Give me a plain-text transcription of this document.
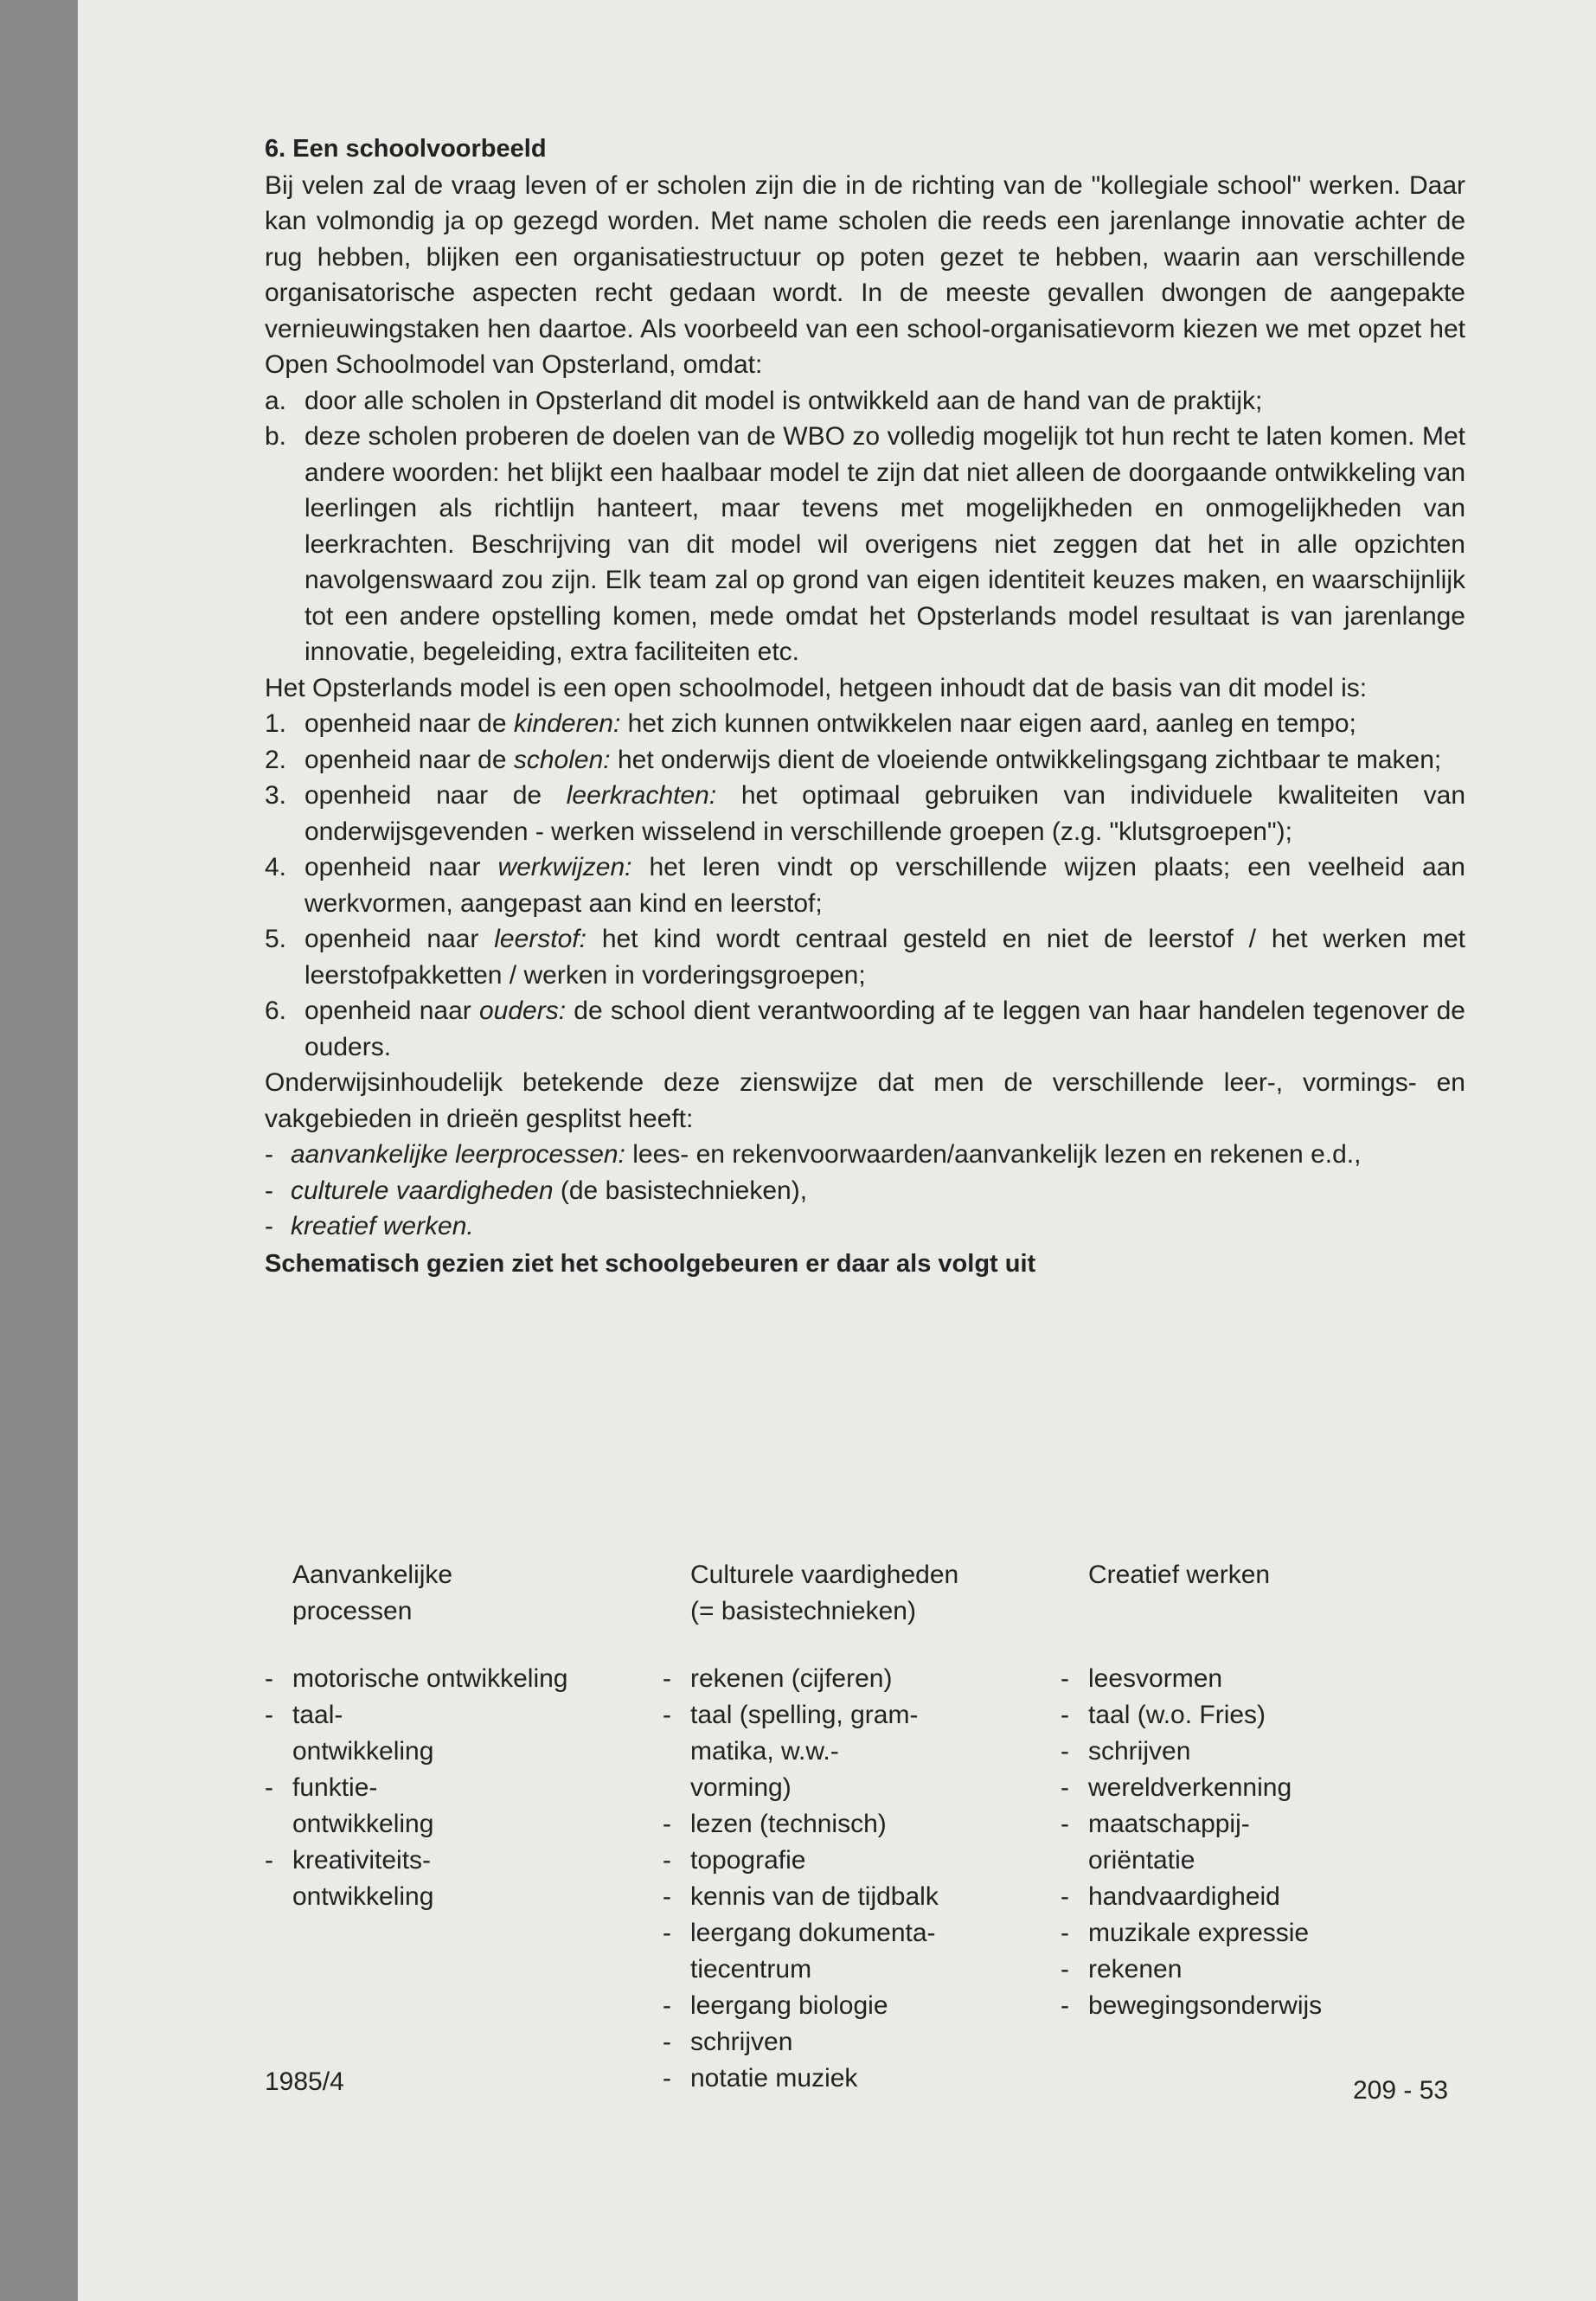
6. Een schoolvoorbeeld

Bij velen zal de vraag leven of er scholen zijn die in de richting van de "kollegiale school" werken. Daar kan volmondig ja op gezegd worden. Met name scholen die reeds een jarenlange innovatie achter de rug hebben, blijken een organisatiestructuur op poten gezet te hebben, waarin aan verschillende organisatorische aspecten recht gedaan wordt. In de meeste gevallen dwongen de aangepakte vernieuwingstaken hen daartoe. Als voorbeeld van een school-organisatievorm kiezen we met opzet het Open Schoolmodel van Opsterland, omdat:

a. door alle scholen in Opsterland dit model is ontwikkeld aan de hand van de praktijk;
b. deze scholen proberen de doelen van de WBO zo volledig mogelijk tot hun recht te laten komen. Met andere woorden: het blijkt een haalbaar model te zijn dat niet alleen de doorgaande ontwikkeling van leerlingen als richtlijn hanteert, maar tevens met mogelijkheden en onmogelijkheden van leerkrachten. Beschrijving van dit model wil overigens niet zeggen dat het in alle opzichten navolgenswaard zou zijn. Elk team zal op grond van eigen identiteit keuzes maken, en waarschijnlijk tot een andere opstelling komen, mede omdat het Opsterlands model resultaat is van jarenlange innovatie, begeleiding, extra faciliteiten etc.

Het Opsterlands model is een open schoolmodel, hetgeen inhoudt dat de basis van dit model is:

1. openheid naar de kinderen: het zich kunnen ontwikkelen naar eigen aard, aanleg en tempo;
2. openheid naar de scholen: het onderwijs dient de vloeiende ontwikkelingsgang zichtbaar te maken;
3. openheid naar de leerkrachten: het optimaal gebruiken van individuele kwaliteiten van onderwijsgevenden - werken wisselend in verschillende groepen (z.g. "klutsgroepen");
4. openheid naar werkwijzen: het leren vindt op verschillende wijzen plaats; een veelheid aan werkvormen, aangepast aan kind en leerstof;
5. openheid naar leerstof: het kind wordt centraal gesteld en niet de leerstof / het werken met leerstofpakketten / werken in vorderingsgroepen;
6. openheid naar ouders: de school dient verantwoording af te leggen van haar handelen tegenover de ouders.

Onderwijsinhoudelijk betekende deze zienswijze dat men de verschillende leer-, vormings- en vakgebieden in drieën gesplitst heeft:

- aanvankelijke leerprocessen: lees- en rekenvoorwaarden/aanvankelijk lezen en rekenen e.d.,
- culturele vaardigheden (de basistechnieken),
- kreatief werken.
Schematisch gezien ziet het schoolgebeuren er daar als volgt uit
Aanvankelijke
processen
- motorische ontwikkeling
- taal-
ontwikkeling
- funktie-
ontwikkeling
- kreativiteits-
ontwikkeling
Culturele vaardigheden
(= basistechnieken)
- rekenen (cijferen)
- taal (spelling, gram-
matika, w.w.-
vorming)
- lezen (technisch)
- topografie
- kennis van de tijdbalk
- leergang dokumenta-
tiecentrum
- leergang biologie
- schrijven
- notatie muziek
Creatief werken
- leesvormen
- taal (w.o. Fries)
- schrijven
- wereldverkenning
- maatschappij-
oriëntatie
- handvaardigheid
- muzikale expressie
- rekenen
- bewegingsonderwijs
1985/4	209 - 53
